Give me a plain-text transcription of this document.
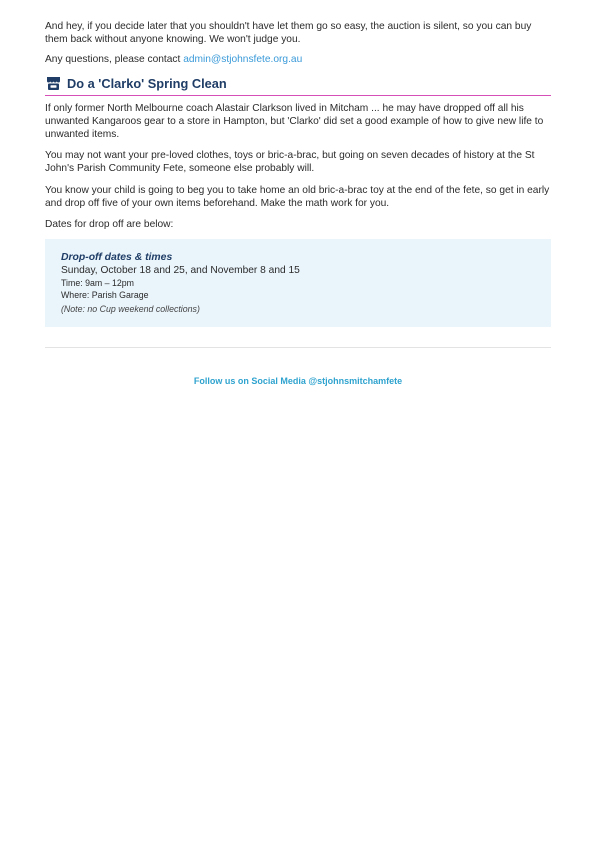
And hey, if you decide later that you shouldn't have let them go so easy, the auction is silent, so you can buy them back without anyone knowing. We won't judge you.

Any questions, please contact admin@stjohnsfete.org.au

Do a 'Clarko' Spring Clean

If only former North Melbourne coach Alastair Clarkson lived in Mitcham ... he may have dropped off all his unwanted Kangaroos gear to a store in Hampton, but 'Clarko' did set a good example of how to give new life to unwanted items.

You may not want your pre-loved clothes, toys or bric-a-brac, but going on seven decades of history at the St John's Parish Community Fete, someone else probably will.

You know your child is going to beg you to take home an old bric-a-brac toy at the end of the fete, so get in early and drop off five of your own items beforehand. Make the math work for you.

Dates for drop off are below:

Drop-off dates & times
Sunday, October 18 and 25, and November 8 and 15
Time: 9am – 12pm
Where: Parish Garage
(Note: no Cup weekend collections)
Follow us on Social Media @stjohnsmitchamfete
